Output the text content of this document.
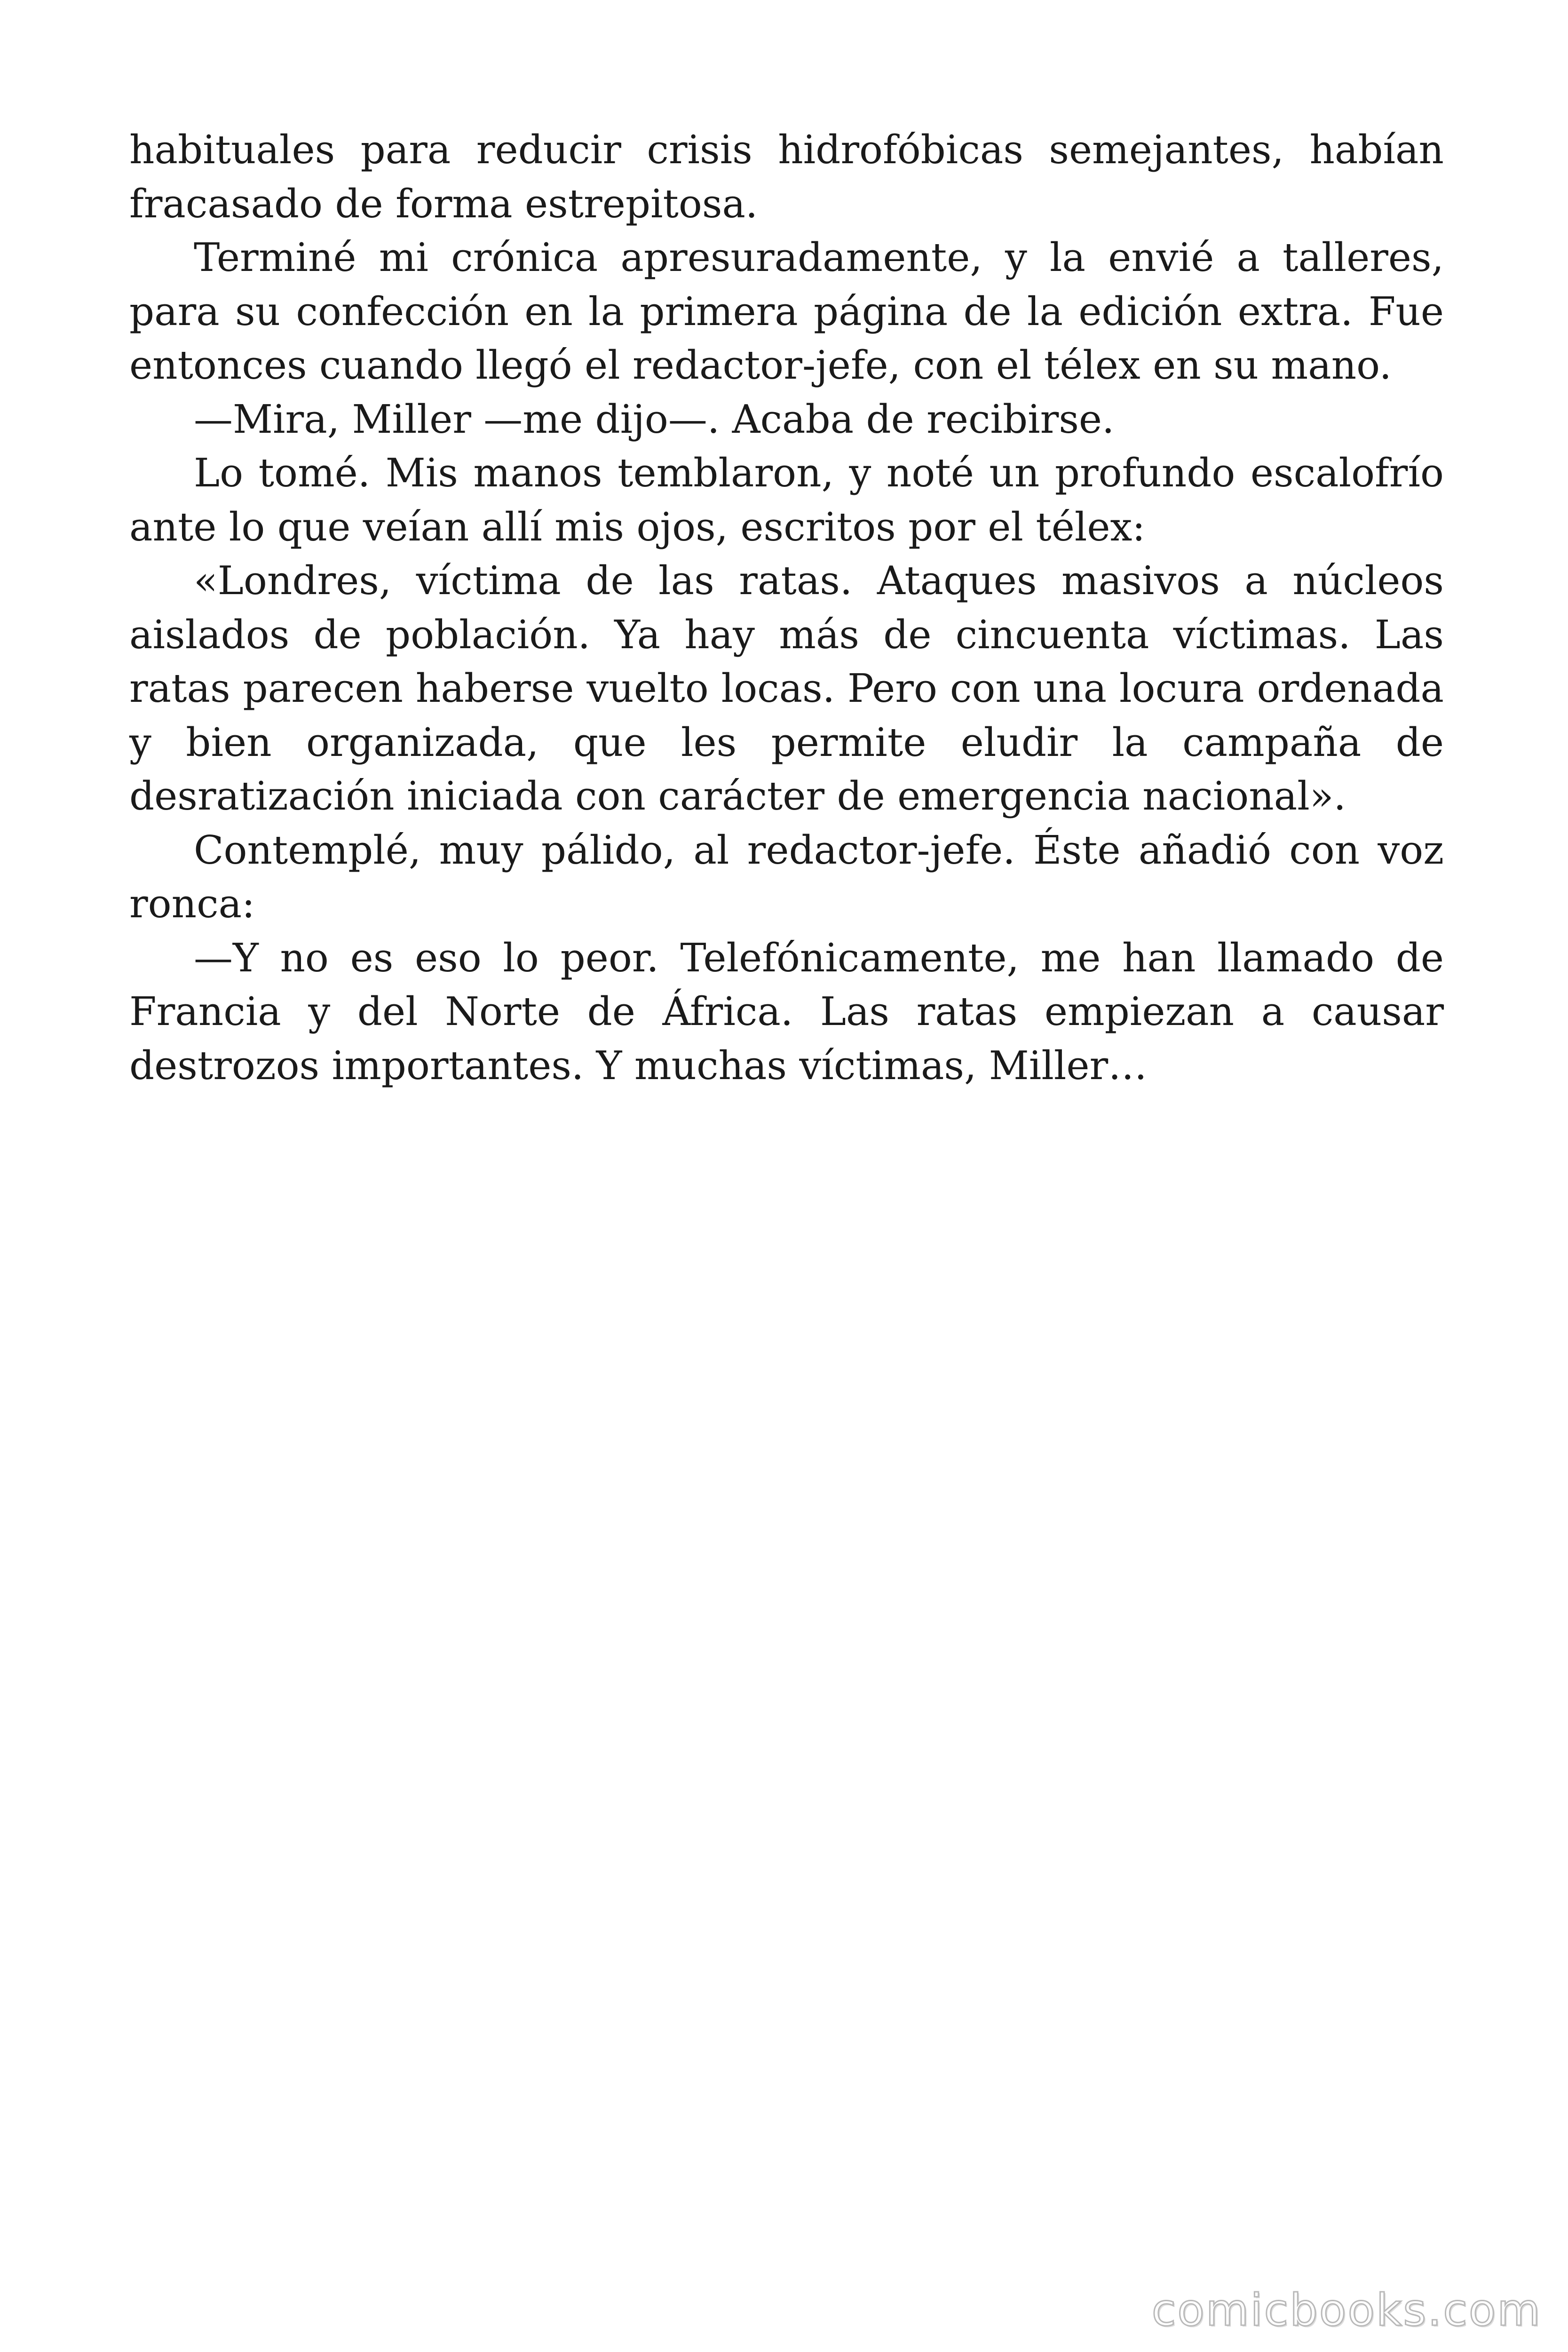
habituales para reducir crisis hidrofóbicas semejantes, habían fracasado de forma estrepitosa.

Terminé mi crónica apresuradamente, y la envié a talleres, para su confección en la primera página de la edición extra. Fue entonces cuando llegó el redactor-jefe, con el télex en su mano.

—Mira, Miller —me dijo—. Acaba de recibirse.

Lo tomé. Mis manos temblaron, y noté un profundo escalofrío ante lo que veían allí mis ojos, escritos por el télex:

«Londres, víctima de las ratas. Ataques masivos a núcleos aislados de población. Ya hay más de cincuenta víctimas. Las ratas parecen haberse vuelto locas. Pero con una locura ordenada y bien organizada, que les permite eludir la campaña de desratización iniciada con carácter de emergencia nacional».

Contemplé, muy pálido, al redactor-jefe. Éste añadió con voz ronca:

—Y no es eso lo peor. Telefónicamente, me han llamado de Francia y del Norte de África. Las ratas empiezan a causar destrozos importantes. Y muchas víctimas, Miller…

comicbooks.com
